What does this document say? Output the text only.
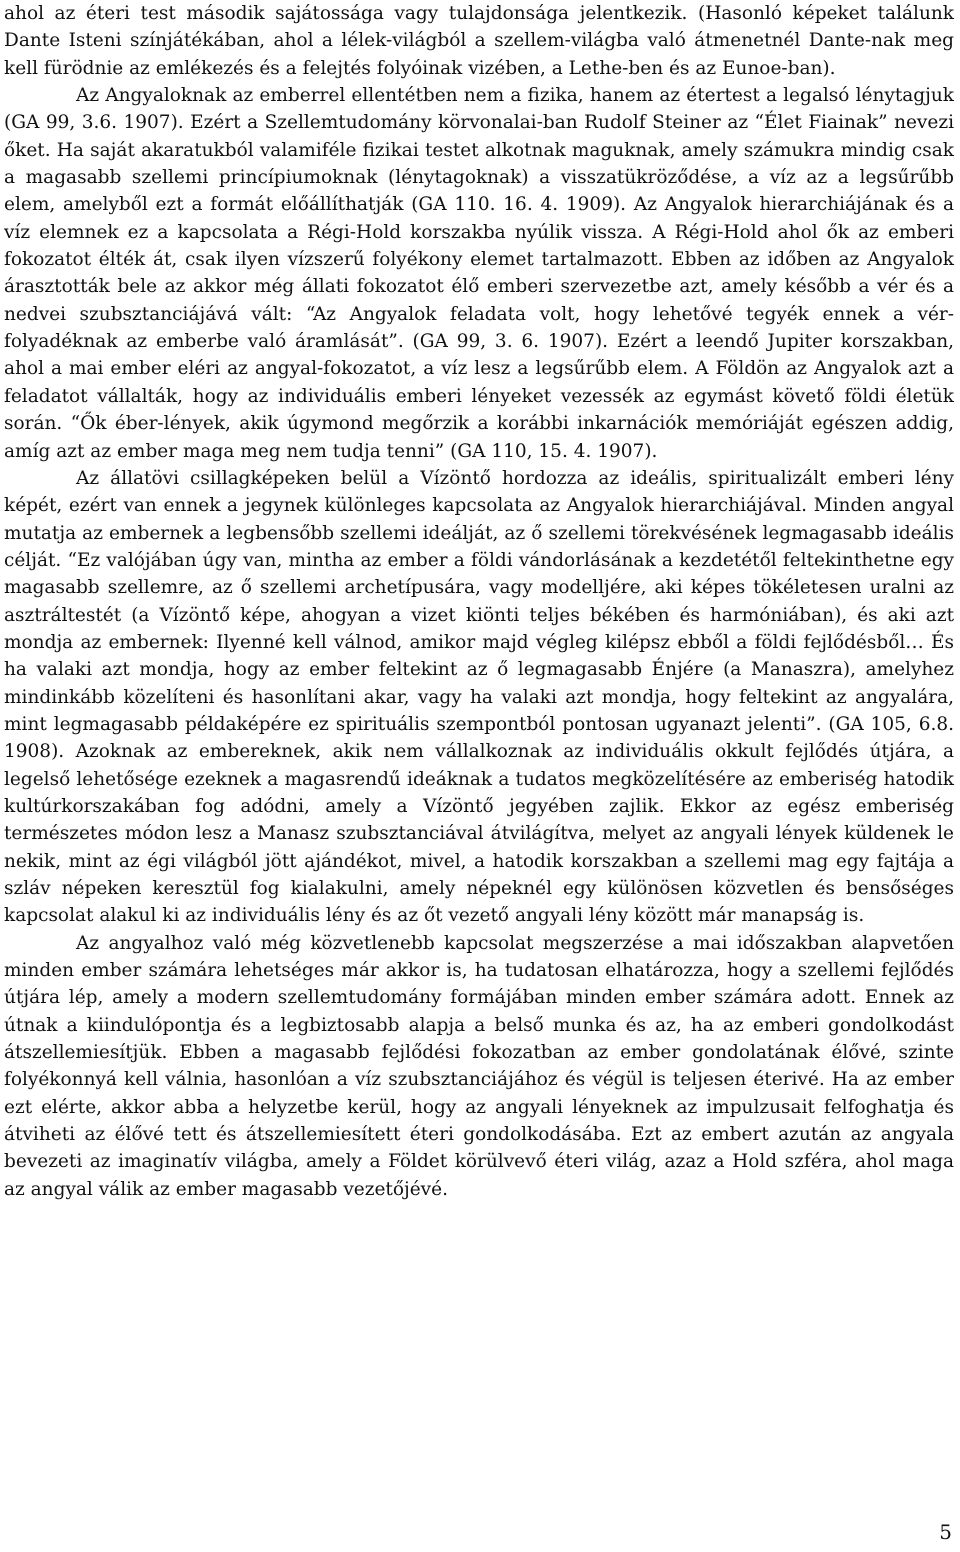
ahol az éteri test második sajátossága vagy tulajdonsága jelentkezik. (Hasonló képeket találunk Dante Isteni színjátékában, ahol a lélek-világból a szellem-világba való átmenetnél Dante-nak meg kell fürödnie az emlékezés és a felejtés folyóinak vizében, a Lethe-ben és az Eunoe-ban).

Az Angyaloknak az emberrel ellentétben nem a fizika, hanem az étertest a legalsó lénytagjuk (GA 99, 3.6. 1907). Ezért a Szellemtudomány körvonalai-ban Rudolf Steiner az “Élet Fiainak” nevezi őket. Ha saját akaratukból valamiféle fizikai testet alkotnak maguknak, amely számukra mindig csak a magasabb szellemi princípiumoknak (lénytagoknak) a visszatükröződése, a víz az a legsűrűbb elem, amelyből ezt a formát előállíthatják (GA 110. 16. 4. 1909). Az Angyalok hierarchiájának és a víz elemnek ez a kapcsolata a Régi-Hold korszakba nyúlik vissza. A Régi-Hold ahol ők az emberi fokozatot élték át, csak ilyen vízszerű folyékony elemet tartalmazott. Ebben az időben az Angyalok árasztották bele az akkor még állati fokozatot élő emberi szervezetbe azt, amely később a vér és a nedvei szubsztanciájává vált: “Az Angyalok feladata volt, hogy lehetővé tegyék ennek a vér-folyadéknak az emberbe való áramlását”. (GA 99, 3. 6. 1907). Ezért a leendő Jupiter korszakban, ahol a mai ember eléri az angyal-fokozatot, a víz lesz a legsűrűbb elem. A Földön az Angyalok azt a feladatot vállalták, hogy az individuális emberi lényeket vezessék az egymást követő földi életük során. “Ők éber-lények, akik úgymond megőrzik a korábbi inkarnációk memóriáját egészen addig, amíg azt az ember maga meg nem tudja tenni” (GA 110, 15. 4. 1907).

Az állatövi csillagképeken belül a Vízöntő hordozza az ideális, spiritualizált emberi lény képét, ezért van ennek a jegynek különleges kapcsolata az Angyalok hierarchiájával. Minden angyal mutatja az embernek a legbensőbb szellemi ideálját, az ő szellemi törekvésének legmagasabb ideális célját. “Ez valójában úgy van, mintha az ember a földi vándorlásának a kezdetétől feltekinthetne egy magasabb szellemre, az ő szellemi archetípusára, vagy modelljére, aki képes tökéletesen uralni az asztráltestét (a Vízöntő képe, ahogyan a vizet kiönti teljes békében és harmóniában), és aki azt mondja az embernek: Ilyenné kell válnod, amikor majd végleg kilépsz ebből a földi fejlődésből… És ha valaki azt mondja, hogy az ember feltekint az ő legmagasabb Énjére (a Manaszra), amelyhez mindinkább közelíteni és hasonlítani akar, vagy ha valaki azt mondja, hogy feltekint az angyalára, mint legmagasabb példaképére ez spirituális szempontból pontosan ugyanazt jelenti”. (GA 105, 6.8. 1908). Azoknak az embereknek, akik nem vállalkoznak az individuális okkult fejlődés útjára, a legelső lehetősége ezeknek a magasrendű ideáknak a tudatos megközelítésére az emberiség hatodik kultúrkorszakában fog adódni, amely a Vízöntő jegyében zajlik. Ekkor az egész emberiség természetes módon lesz a Manasz szubsztanciával átvilágítva, melyet az angyali lények küldenek le nekik, mint az égi világból jött ajándékot, mivel, a hatodik korszakban a szellemi mag egy fajtája a szláv népeken keresztül fog kialakulni, amely népeknél egy különösen közvetlen és bensőséges kapcsolat alakul ki az individuális lény és az őt vezető angyali lény között már manapság is.

Az angyalhoz való még közvetlenebb kapcsolat megszerzése a mai időszakban alapvetően minden ember számára lehetséges már akkor is, ha tudatosan elhatározza, hogy a szellemi fejlődés útjára lép, amely a modern szellemtudomány formájában minden ember számára adott. Ennek az útnak a kiindulópontja és a legbiztosabb alapja a belső munka és az, ha az emberi gondolkodást átszellemiesítjük. Ebben a magasabb fejlődési fokozatban az ember gondolatának élővé, szinte folyékonnyá kell válnia, hasonlóan a víz szubsztanciájához és végül is teljesen éterivé. Ha az ember ezt elérte, akkor abba a helyzetbe kerül, hogy az angyali lényeknek az impulzusait felfoghatja és átviheti az élővé tett és átszellemiesített éteri gondolkodásába. Ezt az embert azután az angyala bevezeti az imaginatív világba, amely a Földet körülvevő éteri világ, azaz a Hold szféra, ahol maga az angyal válik az ember magasabb vezetőjévé.

5
